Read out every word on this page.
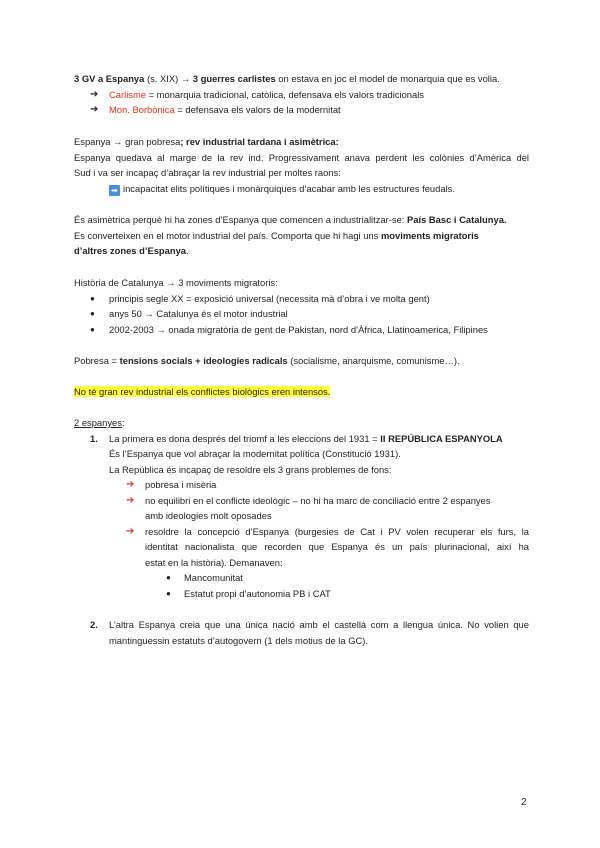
3 GV a Espanya (s. XIX) → 3 guerres carlistes on estava en joc el model de monarquia que es volia.
➔ Carlisme = monarquia tradicional, catòlica, defensava els valors tradicionals
➔ Mon. Borbònica = defensava els valors de la modernitat
Espanya → gran pobresa; rev industrial tardana i asimètrica:
Espanya quedava al marge de la rev ind. Progressivament anava perdent les colònies d’Amèrica del
Sud i va ser incapaç d’abraçar la rev industrial per moltes raons:
➡ incapacitat elits polítiques i monàrquiques d’acabar amb les estructures feudals.
És asimètrica perquè hi ha zones d’Espanya que comencen a industrialitzar-se: País Basc i Catalunya.
Es converteixen en el motor industrial del país. Comporta que hi hagi uns moviments migratoris
d’altres zones d’Espanya.
Història de Catalunya → 3 moviments migratoris:
● principis segle XX = exposició universal (necessita mà d’obra i ve molta gent)
● anys 50 → Catalunya és el motor industrial
● 2002-2003 → onada migratòria de gent de Pakistan, nord d’Àfrica, Llatinoamerica, Filipines
Pobresa = tensions socials + ideologies radicals (socialisme, anarquisme, comunisme…).
No té gran rev industrial els conflictes biològics eren intensos.
2 espanyes:
1. La primera es dona després del triomf a les eleccions del 1931 = II REPÚBLICA ESPANYOLA
És l’Espanya que vol abraçar la modernitat política (Constitució 1931).
La República és incapaç de resoldre els 3 grans problemes de fons:
➔ pobresa i misèria
➔ no equilibri en el conflicte ideològic – no hi ha marc de conciliació entre 2 espanyes
amb ideologies molt oposades
➔ resoldre la concepció d’Espanya (burgesies de Cat i PV volen recuperar els furs, la
identitat nacionalista que recorden que Espanya és un país plurinacional, així ha
estat en la història). Demanaven:
● Mancomunitat
● Estatut propi d’autonomia PB i CAT
2. L’altra Espanya creia que una única nació amb el castellà com a llengua única. No volien que
mantinguessin estatuts d’autogovern (1 dels motius de la GC).
2
